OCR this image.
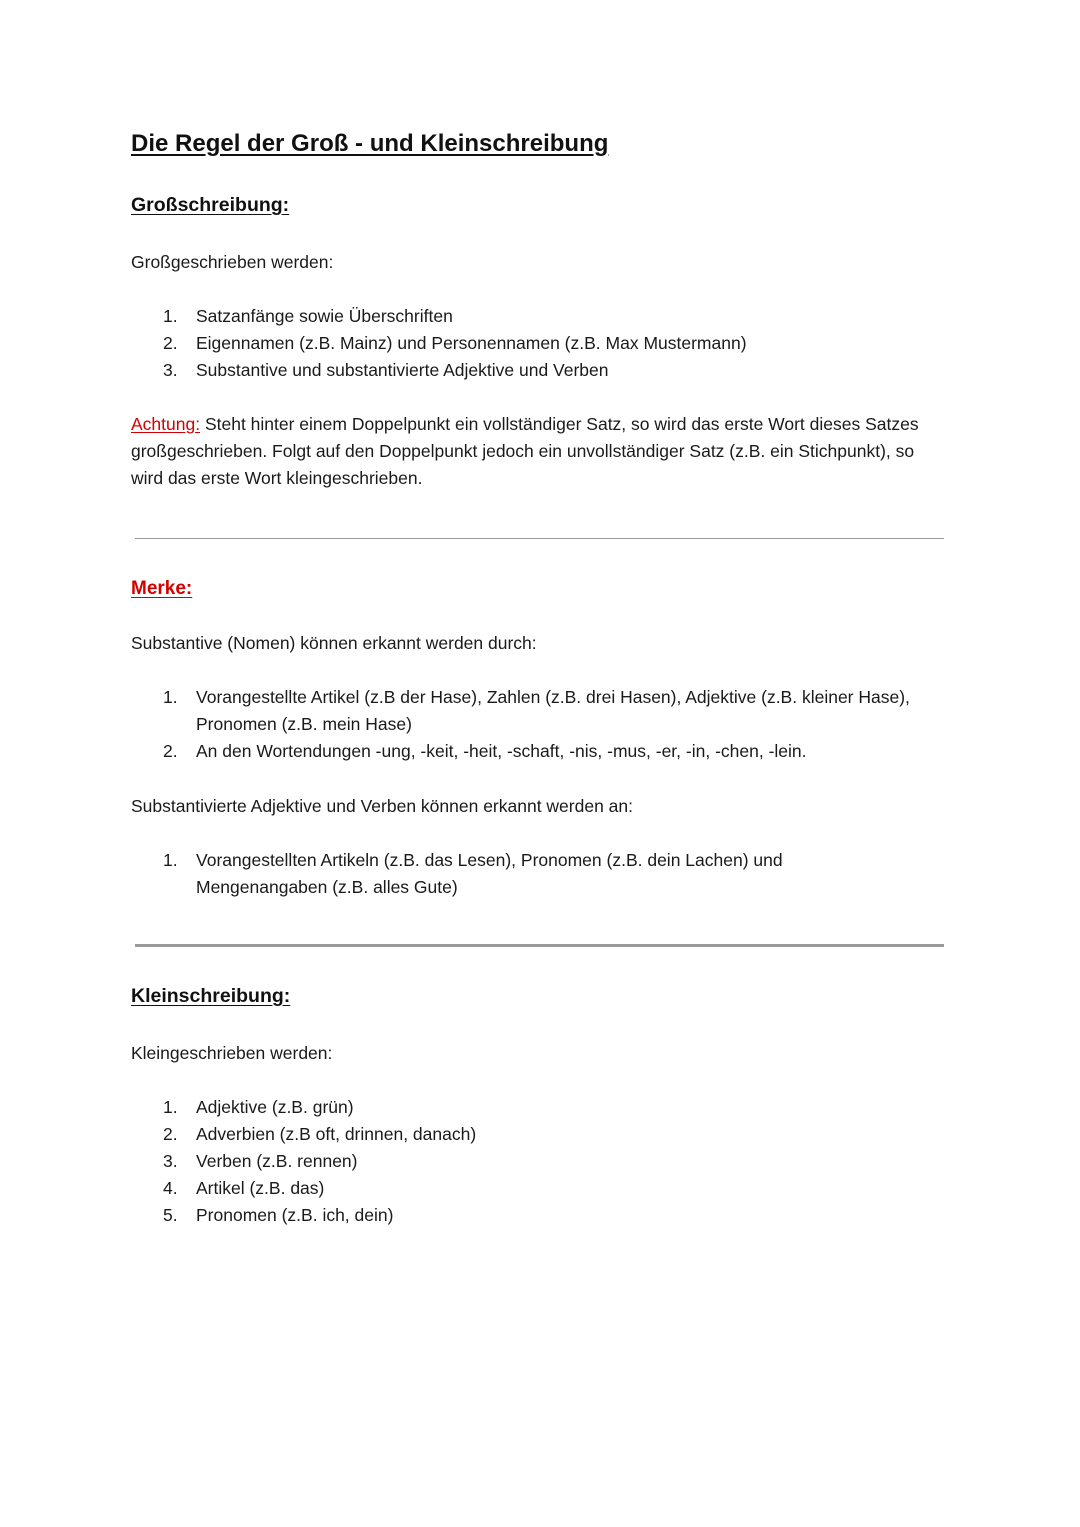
Die Regel der Groß - und Kleinschreibung
Großschreibung:

Großgeschrieben werden:

1. Satzanfänge sowie Überschriften
2. Eigennamen (z.B. Mainz) und Personennamen (z.B. Max Mustermann)
3. Substantive und substantivierte Adjektive und Verben

Achtung: Steht hinter einem Doppelpunkt ein vollständiger Satz, so wird das erste Wort dieses Satzes großgeschrieben. Folgt auf den Doppelpunkt jedoch ein unvollständiger Satz (z.B. ein Stichpunkt), so wird das erste Wort kleingeschrieben.

Merke:

Substantive (Nomen) können erkannt werden durch:

1. Vorangestellte Artikel (z.B der Hase), Zahlen (z.B. drei Hasen), Adjektive (z.B. kleiner Hase), Pronomen (z.B. mein Hase)
2. An den Wortendungen -ung, -keit, -heit, -schaft, -nis, -mus, -er, -in, -chen, -lein.

Substantivierte Adjektive und Verben können erkannt werden an:

1. Vorangestellten Artikeln (z.B. das Lesen), Pronomen (z.B. dein Lachen) und Mengenangaben (z.B. alles Gute)
Kleinschreibung:

Kleingeschrieben werden:

1. Adjektive (z.B. grün)
2. Adverbien (z.B oft, drinnen, danach)
3. Verben (z.B. rennen)
4. Artikel (z.B. das)
5. Pronomen (z.B. ich, dein)
